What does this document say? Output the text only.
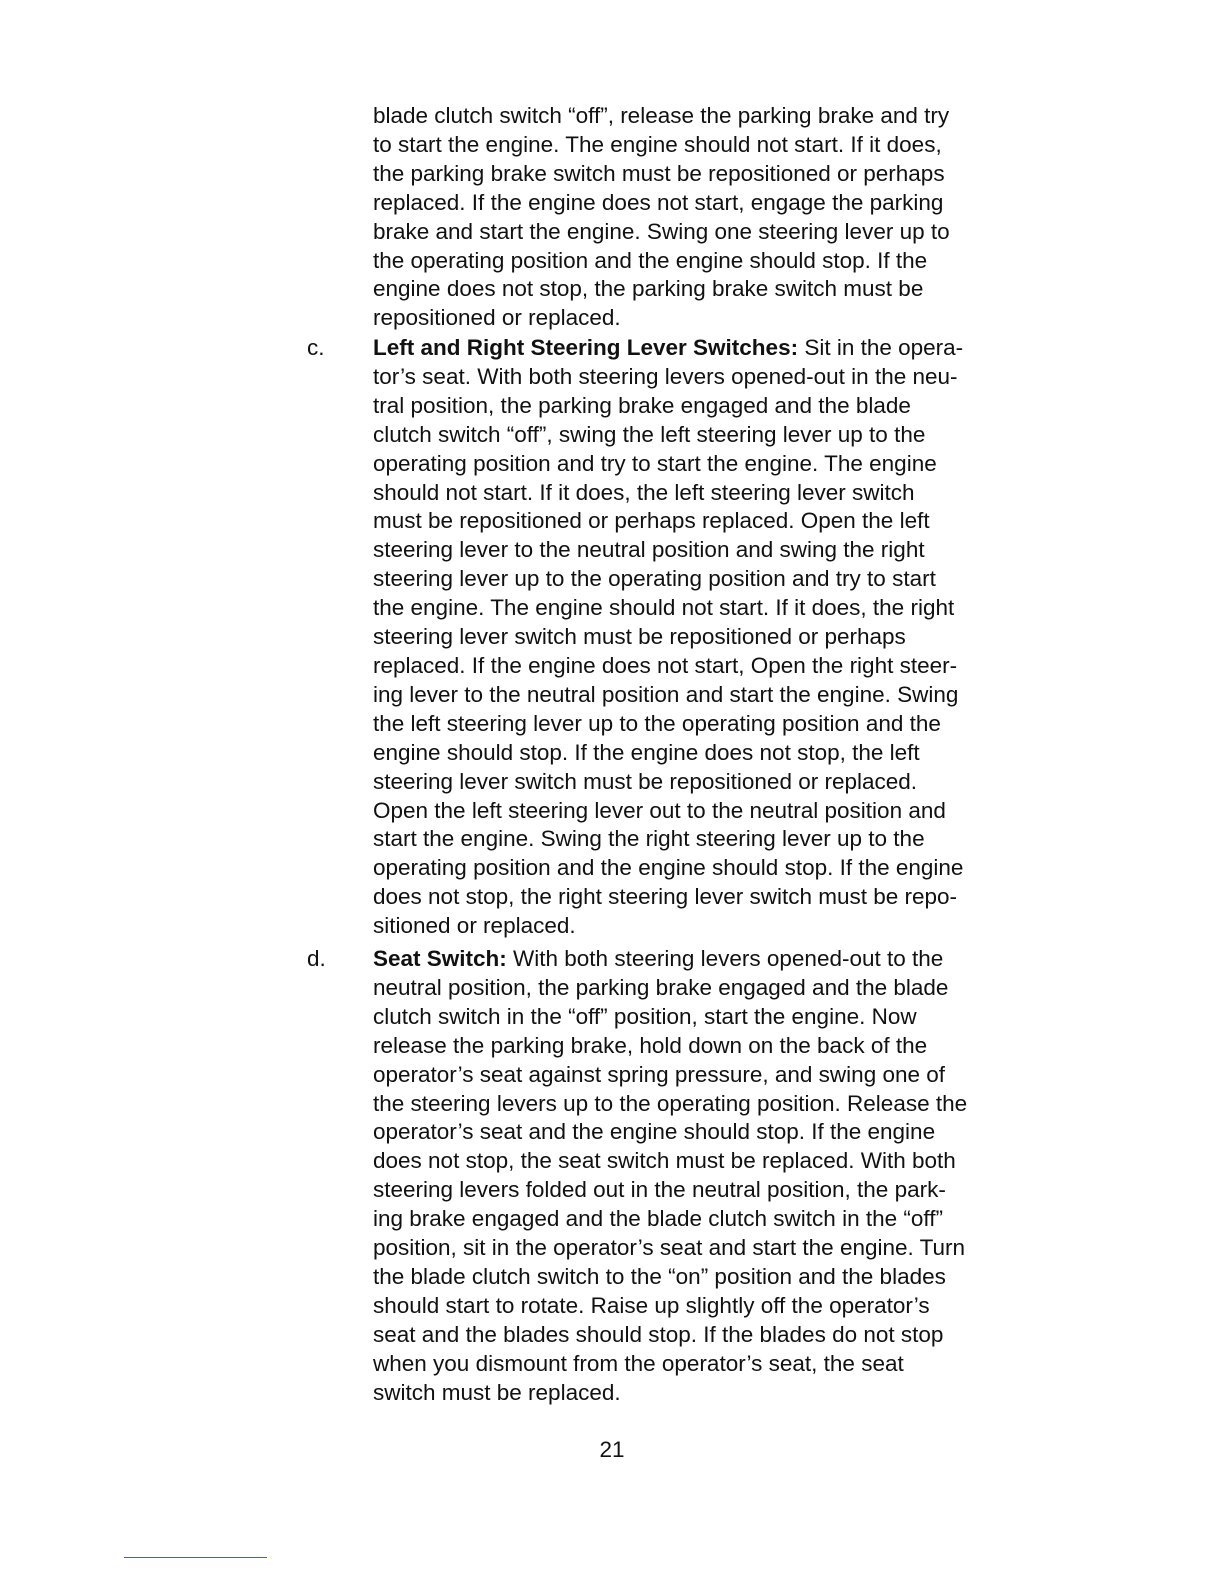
blade clutch switch “off”, release the parking brake and try
to start the engine. The engine should not start. If it does,
the parking brake switch must be repositioned or perhaps
replaced. If the engine does not start, engage the parking
brake and start the engine. Swing one steering lever up to
the operating position and the engine should stop. If the
engine does not stop, the parking brake switch must be
repositioned or replaced.
c. Left and Right Steering Lever Switches: Sit in the opera-
tor’s seat. With both steering levers opened-out in the neu-
tral position, the parking brake engaged and the blade
clutch switch “off”, swing the left steering lever up to the
operating position and try to start the engine. The engine
should not start. If it does, the left steering lever switch
must be repositioned or perhaps replaced. Open the left
steering lever to the neutral position and swing the right
steering lever up to the operating position and try to start
the engine. The engine should not start. If it does, the right
steering lever switch must be repositioned or perhaps
replaced. If the engine does not start, Open the right steer-
ing lever to the neutral position and start the engine. Swing
the left steering lever up to the operating position and the
engine should stop. If the engine does not stop, the left
steering lever switch must be repositioned or replaced.
Open the left steering lever out to the neutral position and
start the engine. Swing the right steering lever up to the
operating position and the engine should stop. If the engine
does not stop, the right steering lever switch must be repo-
sitioned or replaced.
d. Seat Switch: With both steering levers opened-out to the
neutral position, the parking brake engaged and the blade
clutch switch in the “off” position, start the engine. Now
release the parking brake, hold down on the back of the
operator’s seat against spring pressure, and swing one of
the steering levers up to the operating position. Release the
operator’s seat and the engine should stop. If the engine
does not stop, the seat switch must be replaced. With both
steering levers folded out in the neutral position, the park-
ing brake engaged and the blade clutch switch in the “off”
position, sit in the operator’s seat and start the engine. Turn
the blade clutch switch to the “on” position and the blades
should start to rotate. Raise up slightly off the operator’s
seat and the blades should stop. If the blades do not stop
when you dismount from the operator’s seat, the seat
switch must be replaced.
21
